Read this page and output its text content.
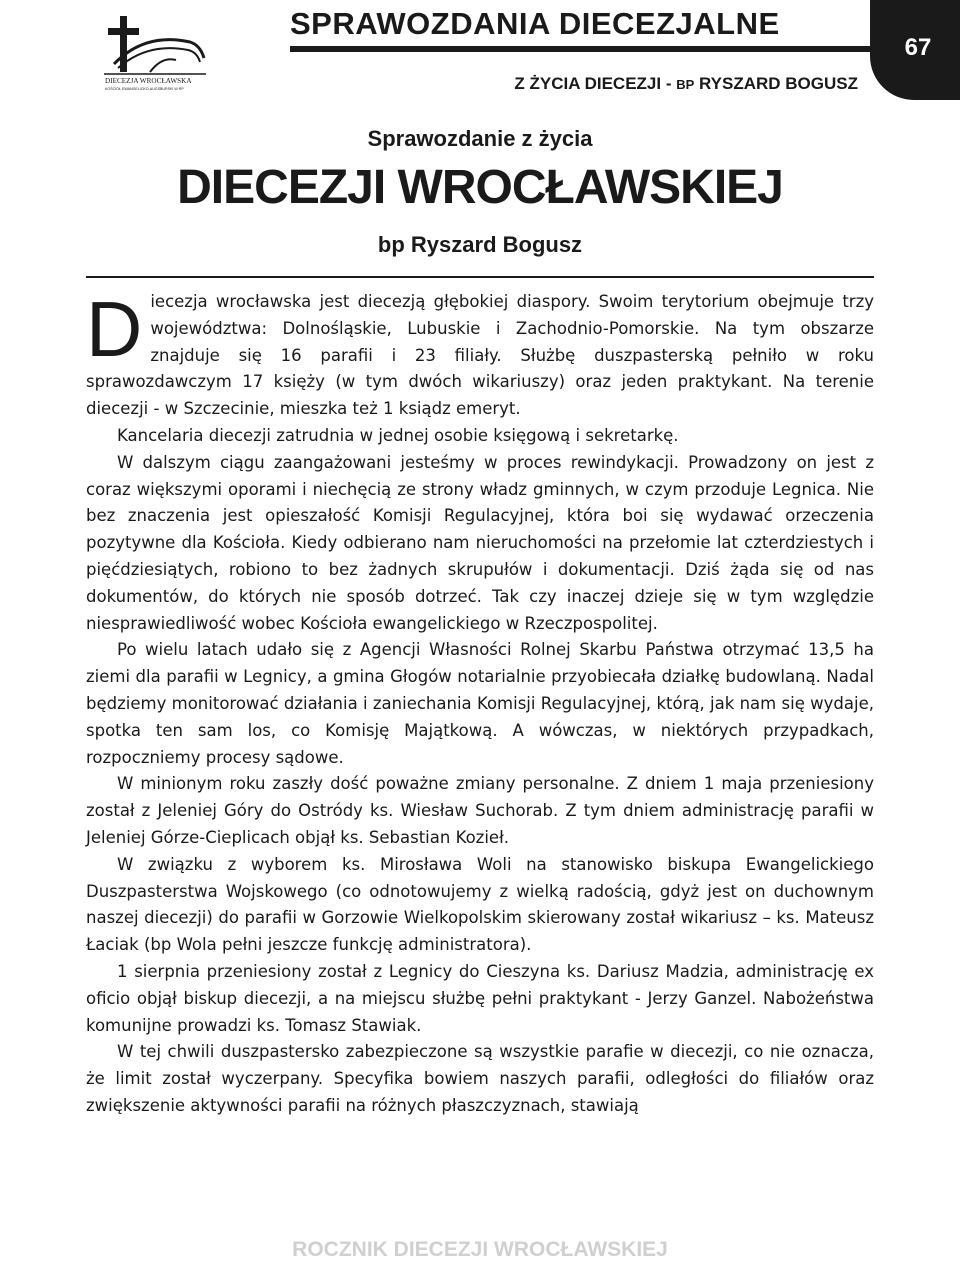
DIECEZJA WROCŁAWSKA
KOŚCIÓŁ EWANGELICKO-AUGSBURSKI W RP
SPRAWOZDANIA DIECEZJALNE

Z ŻYCIA DIECEZJI - BP RYSZARD BOGUSZ

67

Sprawozdanie z życia

DIECEZJI WROCŁAWSKIEJ

bp Ryszard Bogusz

Diecezja wrocławska jest diecezją głębokiej diaspory. Swoim terytorium obejmuje trzy województwa: Dolnośląskie, Lubuskie i Zachodnio-Pomorskie. Na tym obszarze znajduje się 16 parafii i 23 filiały. Służbę duszpasterską pełniło w roku sprawozdawczym 17 księży (w tym dwóch wikariuszy) oraz jeden praktykant. Na terenie diecezji - w Szczecinie, mieszka też 1 ksiądz emeryt.

Kancelaria diecezji zatrudnia w jednej osobie księgową i sekretarkę.

W dalszym ciągu zaangażowani jesteśmy w proces rewindykacji. Prowadzony on jest z coraz większymi oporami i niechęcią ze strony władz gminnych, w czym przoduje Legnica. Nie bez znaczenia jest opieszałość Komisji Regulacyjnej, która boi się wydawać orzeczenia pozytywne dla Kościoła. Kiedy odbierano nam nieruchomości na przełomie lat czterdziestych i pięćdziesiątych, robiono to bez żadnych skrupułów i dokumentacji. Dziś żąda się od nas dokumentów, do których nie sposób dotrzeć. Tak czy inaczej dzieje się w tym względzie niesprawiedliwość wobec Kościoła ewangelickiego w Rzeczpospolitej.

Po wielu latach udało się z Agencji Własności Rolnej Skarbu Państwa otrzymać 13,5 ha ziemi dla parafii w Legnicy, a gmina Głogów notarialnie przyobiecała działkę budowlaną. Nadal będziemy monitorować działania i zaniechania Komisji Regulacyjnej, którą, jak nam się wydaje, spotka ten sam los, co Komisję Majątkową. A wówczas, w niektórych przypadkach, rozpoczniemy procesy sądowe.

W minionym roku zaszły dość poważne zmiany personalne. Z dniem 1 maja przeniesiony został z Jeleniej Góry do Ostródy ks. Wiesław Suchorab. Z tym dniem administrację parafii w Jeleniej Górze-Cieplicach objął ks. Sebastian Kozieł.

W związku z wyborem ks. Mirosława Woli na stanowisko biskupa Ewangelickiego Duszpasterstwa Wojskowego (co odnotowujemy z wielką radością, gdyż jest on duchownym naszej diecezji) do parafii w Gorzowie Wielkopolskim skierowany został wikariusz – ks. Mateusz Łaciak (bp Wola pełni jeszcze funkcję administratora).

1 sierpnia przeniesiony został z Legnicy do Cieszyna ks. Dariusz Madzia, administrację ex oficio objął biskup diecezji, a na miejscu służbę pełni praktykant - Jerzy Ganzel. Nabożeństwa komunijne prowadzi ks. Tomasz Stawiak.

W tej chwili duszpastersko zabezpieczone są wszystkie parafie w diecezji, co nie oznacza, że limit został wyczerpany. Specyfika bowiem naszych parafii, odległości do filiałów oraz zwiększenie aktywności parafii na różnych płaszczyznach, stawiają

ROCZNIK DIECEZJI WROCŁAWSKIEJ
